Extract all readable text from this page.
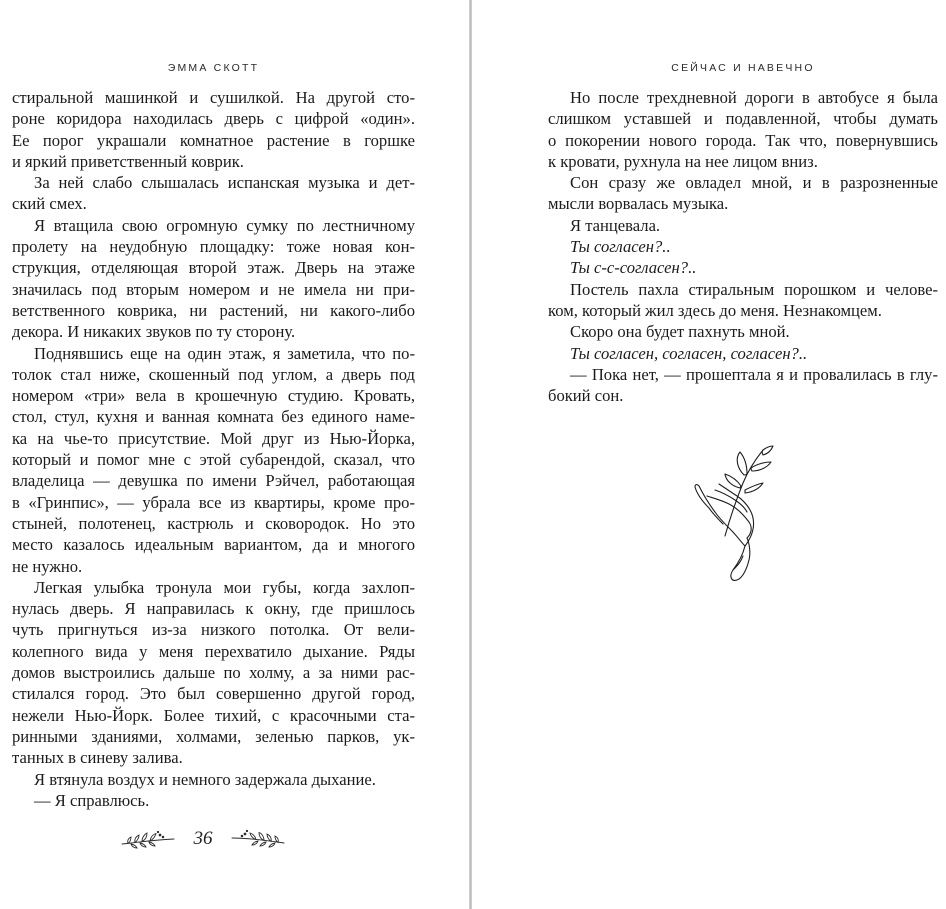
ЭММА СКОТТ

стиральной машинкой и сушилкой. На другой сто-
роне коридора находилась дверь с цифрой «один».
Ее порог украшали комнатное растение в горшке
и яркий приветственный коврик.

За ней слабо слышалась испанская музыка и дет-
ский смех.

Я втащила свою огромную сумку по лестничному
пролету на неудобную площадку: тоже новая кон-
струкция, отделяющая второй этаж. Дверь на этаже
значилась под вторым номером и не имела ни при-
ветственного коврика, ни растений, ни какого-либо
декора. И никаких звуков по ту сторону.

Поднявшись еще на один этаж, я заметила, что по-
толок стал ниже, скошенный под углом, а дверь под
номером «три» вела в крошечную студию. Кровать,
стол, стул, кухня и ванная комната без единого наме-
ка на чье-то присутствие. Мой друг из Нью-Йорка,
который и помог мне с этой субарендой, сказал, что
владелица — девушка по имени Рэйчел, работающая
в «Гринпис», — убрала все из квартиры, кроме про-
стыней, полотенец, кастрюль и сковородок. Но это
место казалось идеальным вариантом, да и многого
не нужно.

Легкая улыбка тронула мои губы, когда захлоп-
нулась дверь. Я направилась к окну, где пришлось
чуть пригнуться из-за низкого потолка. От вели-
колепного вида у меня перехватило дыхание. Ряды
домов выстроились дальше по холму, а за ними рас-
стилался город. Это был совершенно другой город,
нежели Нью-Йорк. Более тихий, с красочными ста-
ринными зданиями, холмами, зеленью парков, ук-
танных в синеву залива.

Я втянула воздух и немного задержала дыхание.

— Я справлюсь.

36
СЕЙЧАС И НАВЕЧНО

Но после трехдневной дороги в автобусе я была
слишком уставшей и подавленной, чтобы думать
о покорении нового города. Так что, повернувшись
к кровати, рухнула на нее лицом вниз.

Сон сразу же овладел мной, и в разрозненные
мысли ворвалась музыка.

Я танцевала.

Ты согласен?..

Ты с-с-согласен?..

Постель пахла стиральным порошком и челове-
ком, который жил здесь до меня. Незнакомцем.

Скоро она будет пахнуть мной.

Ты согласен, согласен, согласен?..

— Пока нет, — прошептала я и провалилась в глу-
бокий сон.
